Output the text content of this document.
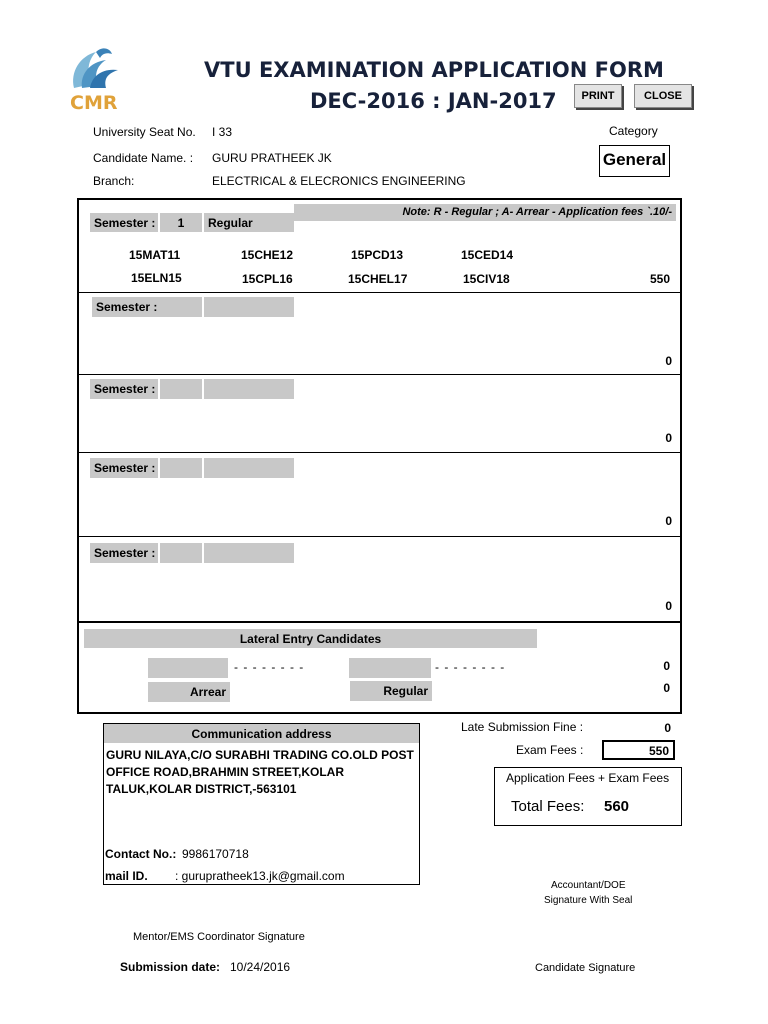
CMR
VTU EXAMINATION APPLICATION FORM
DEC-2016 : JAN-2017	PRINT	CLOSE
University Seat No. I 33
Candidate Name. : GURU PRATHEEK JK
Branch:	ELECTRICAL & ELECRONICS ENGINEERING
Category
General
Note: R - Regular ; A- Arrear - Application fees `.10/-
Semester :	1	Regular
15MAT11	15CHE12	15PCD13	15CED14
15ELN15	15CPL16	15CHEL17	15CIV18	550
Semester :
0
Semester :
0
Semester :
0
Semester :
0
Lateral Entry Candidates
- - - - - - - -	- - - - - - - -	0
Arrear	Regular	0
Communication address
GURU NILAYA,C/O SURABHI TRADING CO.OLD POST OFFICE ROAD,BRAHMIN STREET,KOLAR TALUK,KOLAR DISTRICT,-563101
Contact No.: 9986170718
mail ID. : gurupratheek13.jk@gmail.com
Late Submission Fine :	0
Exam Fees :	550
Application Fees + Exam Fees
Total Fees: 560
Accountant/DOE
Signature With Seal
Mentor/EMS Coordinator Signature
Submission date: 10/24/2016	Candidate Signature
